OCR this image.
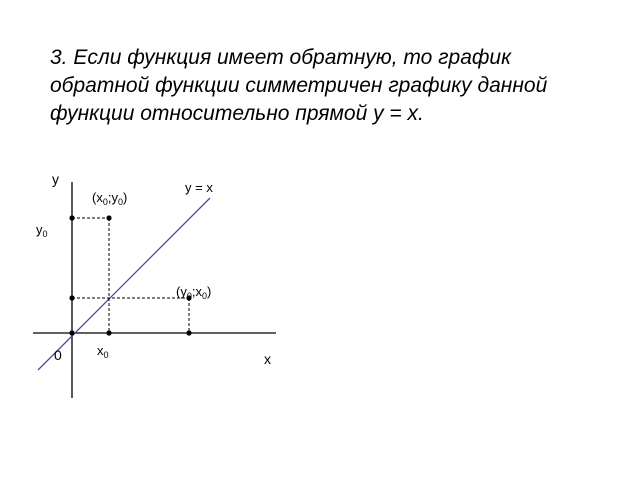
3. Если функция имеет обратную, то график
обратной функции симметричен графику данной
функции относительно прямой у = х.
y
x
0
y = x
$y_0$
$x_0$
$(x_0;y_0)$
$(y_0;x_0)$
